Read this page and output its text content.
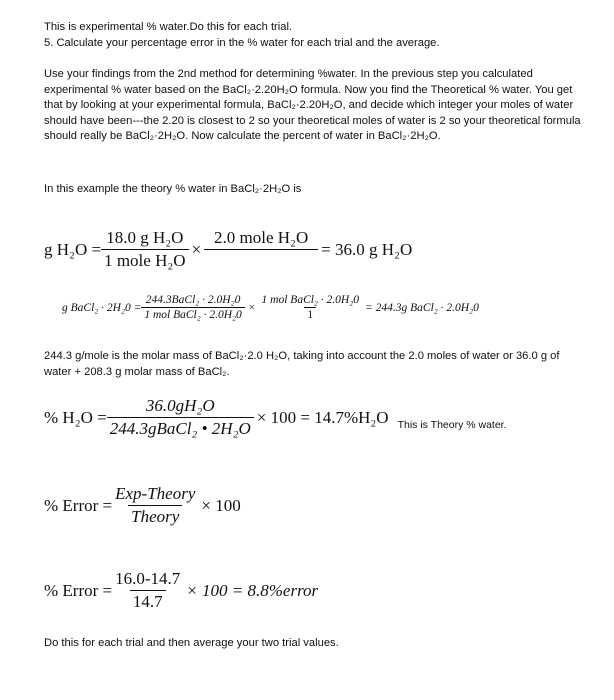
This is experimental % water.Do this for each trial.
5. Calculate your percentage error in the % water for each trial and the average.
Use your findings from the 2nd method for determining %water. In the previous step you calculated experimental % water based on the BaCl₂·2.20H₂O formula. Now you find the Theoretical % water. You get that by looking at your experimental formula, BaCl₂·2.20H₂O, and decide which integer your moles of water should have been---the 2.20 is closest to 2 so your theoretical moles of water is 2 so your theoretical formula should really be BaCl₂·2H₂O. Now calculate the percent of water in BaCl₂·2H₂O.
In this example the theory % water in BaCl₂·2H₂O is
g $H_2O = \frac{\text{18.0 g H₂O}}{\text{1 mole H₂O}}$ ×
2.0 mole H₂O
= 36.0 g H₂O
g BaCl₂ · $2H_20 = \frac{\text{244.3BaCl₂ · 2.0H₂0}}{\text{1 mol BaCl₂ · 2.0H₂0}} \times \frac{\text{1 mol BaCl₂ · 2.0H₂0}}{1} = 244.3g$ BaCl₂ · 2.0H₂0
244.3 g/mole is the molar mass of BaCl₂·2.0 H₂O, taking into account the 2.0 moles of water or 36.0 g of water + 208.3 g molar mass of BaCl₂.
% $H_2O = \frac{\text{36.0gH₂O}}{\text{244.3gBaCl₂ • 2H₂O}} \times 100 = 14.7\%H_2O$ This is Theory % water.
% Error = $\frac{\text{Exp-Theory}}{\text{Theory}} \times 100$
% Error = $\frac{16.0-14.7}{14.7} \times 100$ = 8.8%error
Do this for each trial and then average your two trial values.
